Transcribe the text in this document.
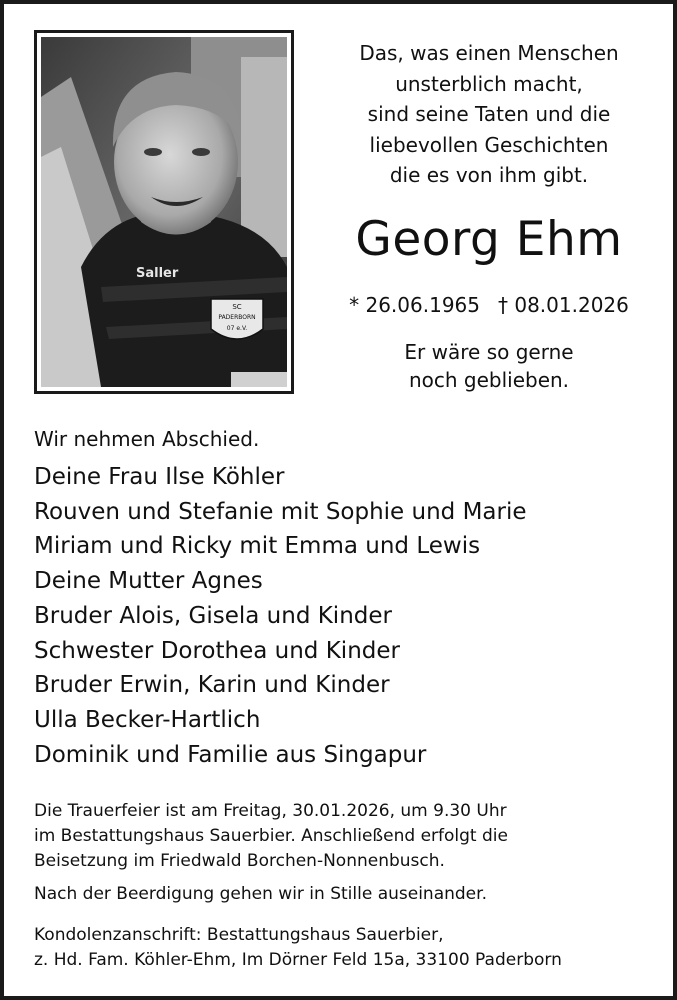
Saller
SC
PADERBORN
07 e.V.
Das, was einen Menschen
unsterblich macht,
sind seine Taten und die
liebevollen Geschichten
die es von ihm gibt.
Georg Ehm
* 26.06.1965 † 08.01.2026
Er wäre so gerne
noch geblieben.
Wir nehmen Abschied.
Deine Frau Ilse Köhler
Rouven und Stefanie mit Sophie und Marie
Miriam und Ricky mit Emma und Lewis
Deine Mutter Agnes
Bruder Alois, Gisela und Kinder
Schwester Dorothea und Kinder
Bruder Erwin, Karin und Kinder
Ulla Becker-Hartlich
Dominik und Familie aus Singapur
Die Trauerfeier ist am Freitag, 30.01.2026, um 9.30 Uhr
im Bestattungshaus Sauerbier. Anschließend erfolgt die
Beisetzung im Friedwald Borchen-Nonnenbusch.
Nach der Beerdigung gehen wir in Stille auseinander.
Kondolenzanschrift: Bestattungshaus Sauerbier,
z. Hd. Fam. Köhler-Ehm, Im Dörner Feld 15a, 33100 Paderborn
